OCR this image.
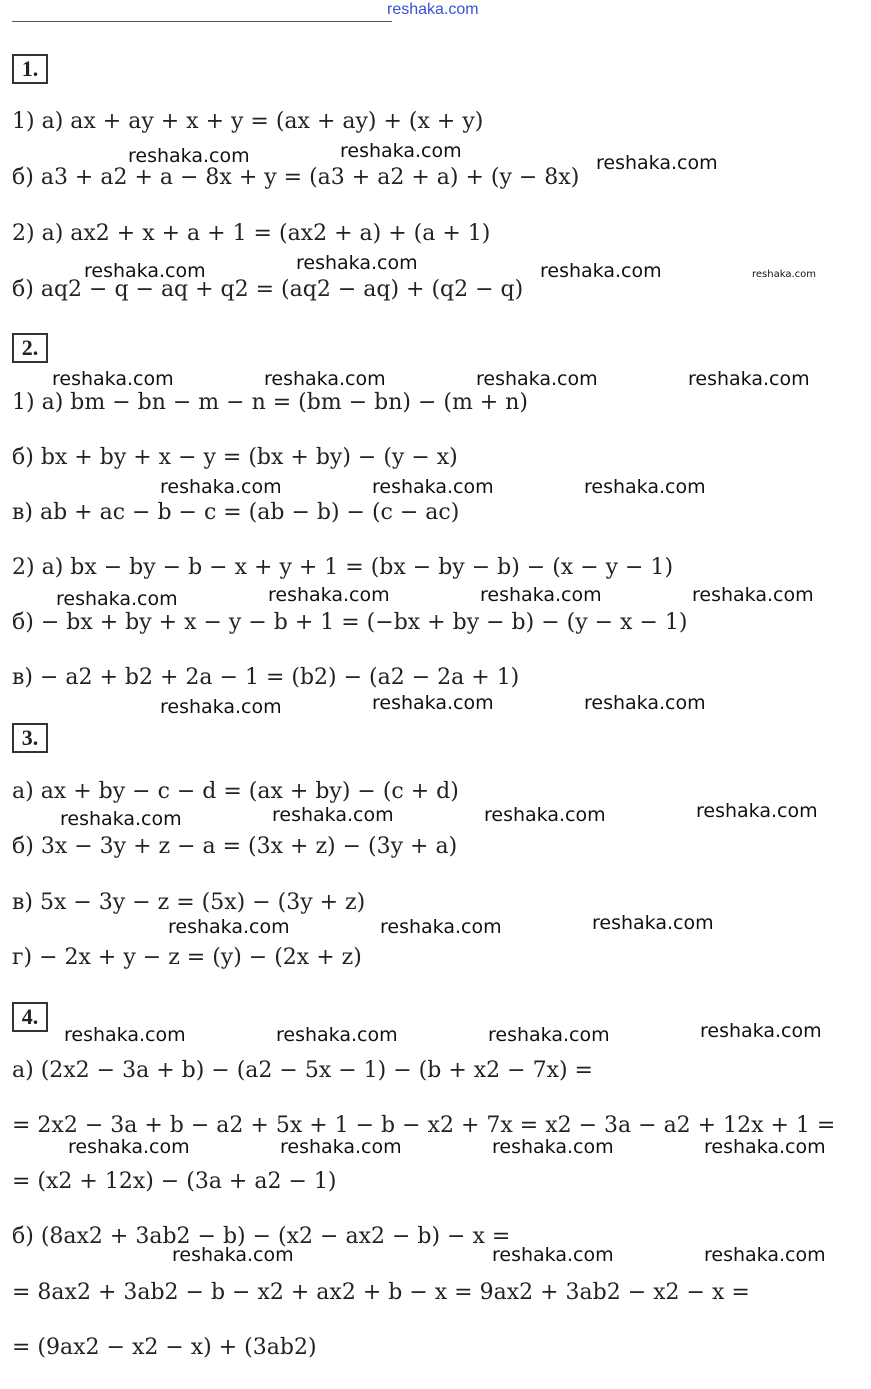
reshaka.com
1.
2.
3.
4.
1) а) ax + ay + x + y = (ax + ay) + (x + y)
б) a3 + a2 + a − 8x + y = (a3 + a2 + a) + (y − 8x)
2) а) ax2 + x + a + 1 = (ax2 + a) + (a + 1)
б) aq2 − q − aq + q2 = (aq2 − aq) + (q2 − q)
1) а) bm − bn − m − n = (bm − bn) − (m + n)
б) bx + by + x − y = (bx + by) − (y − x)
в) ab + ac − b − c = (ab − b) − (c − ac)
2) а) bx − by − b − x + y + 1 = (bx − by − b) − (x − y − 1)
б) − bx + by + x − y − b + 1 = (−bx + by − b) − (y − x − 1)
в) − a2 + b2 + 2a − 1 = (b2) − (a2 − 2a + 1)
а) ax + by − c − d = (ax + by) − (c + d)
б) 3x − 3y + z − a = (3x + z) − (3y + a)
в) 5x − 3y − z = (5x) − (3y + z)
г) − 2x + y − z = (y) − (2x + z)
а) (2x2 − 3a + b) − (a2 − 5x − 1) − (b + x2 − 7x) =
= 2x2 − 3a + b − a2 + 5x + 1 − b − x2 + 7x = x2 − 3a − a2 + 12x + 1 =
= (x2 + 12x) − (3a + a2 − 1)
б) (8ax2 + 3ab2 − b) − (x2 − ax2 − b) − x =
= 8ax2 + 3ab2 − b − x2 + ax2 + b − x = 9ax2 + 3ab2 − x2 − x =
= (9ax2 − x2 − x) + (3ab2)
reshaka.com	reshaka.com
reshaka.com
reshaka.com	reshaka.com	reshaka.com	reshaka.com
reshaka.com	reshaka.com	reshaka.com	reshaka.com
reshaka.com	reshaka.com	reshaka.com
reshaka.com	reshaka.com	reshaka.com	reshaka.com
reshaka.com	reshaka.com	reshaka.com
reshaka.com	reshaka.com	reshaka.com	reshaka.com
reshaka.com	reshaka.com	reshaka.com
reshaka.com	reshaka.com	reshaka.com	reshaka.com
reshaka.com	reshaka.com	reshaka.com	reshaka.com
reshaka.com	reshaka.com	reshaka.com
